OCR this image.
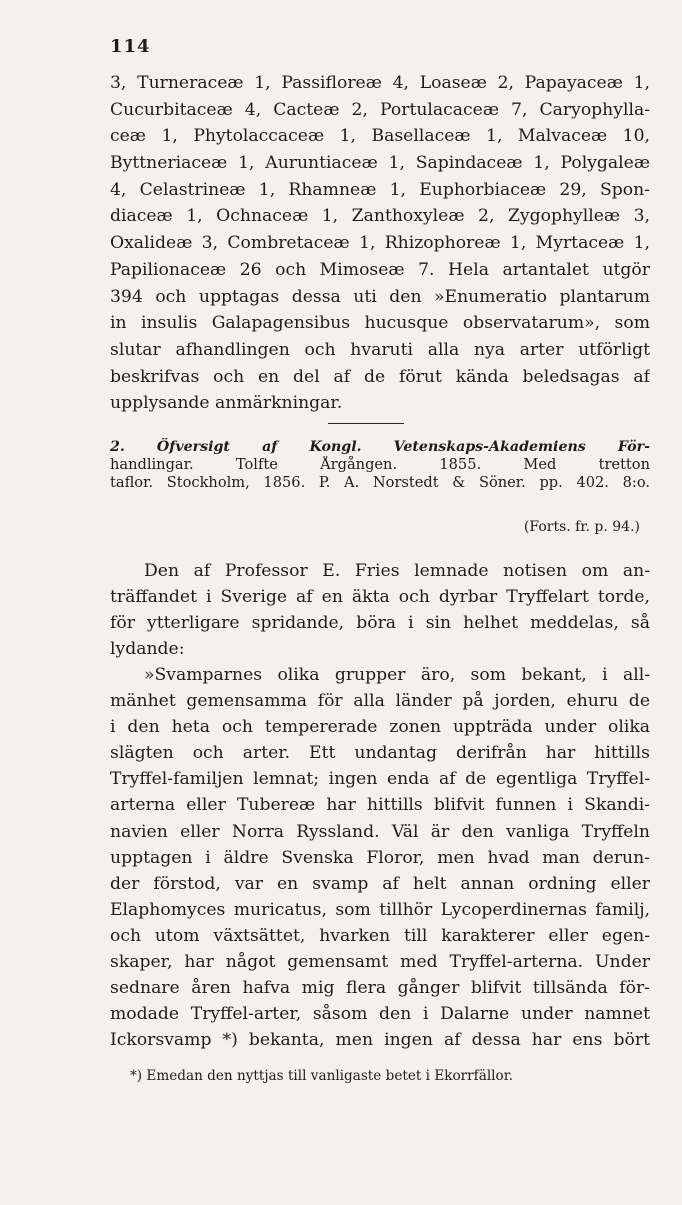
114
3, Turneraceæ 1, Passifloreæ 4, Loaseæ 2, Papayaceæ 1,
Cucurbitaceæ 4, Cacteæ 2, Portulacaceæ 7, Caryophylla-
ceæ 1, Phytolaccaceæ 1, Basellaceæ 1, Malvaceæ 10,
Byttneriaceæ 1, Auruntiaceæ 1, Sapindaceæ 1, Polygaleæ
4, Celastrineæ 1, Rhamneæ 1, Euphorbiaceæ 29, Spon-
diaceæ 1, Ochnaceæ 1, Zanthoxyleæ 2, Zygophylleæ 3,
Oxalideæ 3, Combretaceæ 1, Rhizophoreæ 1, Myrtaceæ 1,
Papilionaceæ 26 och Mimoseæ 7. Hela artantalet utgör
394 och upptagas dessa uti den »Enumeratio plantarum
in insulis Galapagensibus hucusque observatarum», som
slutar afhandlingen och hvaruti alla nya arter utförligt
beskrifvas och en del af de förut kända beledsagas af
upplysande anmärkningar.
2. Öfversigt af Kongl. Vetenskaps-Akademiens För-
handlingar. Tolfte Årgången. 1855. Med tretton
taflor. Stockholm, 1856. P. A. Norstedt & Söner. pp. 402. 8:o.
(Forts. fr. p. 94.)
Den af Professor E. Fries lemnade notisen om an-
träffandet i Sverige af en äkta och dyrbar Tryffelart torde,
för ytterligare spridande, böra i sin helhet meddelas, så
lydande:
»Svamparnes olika grupper äro, som bekant, i all-
mänhet gemensamma för alla länder på jorden, ehuru de
i den heta och tempererade zonen uppträda under olika
slägten och arter. Ett undantag derifrån har hittills
Tryffel-familjen lemnat; ingen enda af de egentliga Tryffel-
arterna eller Tubereæ har hittills blifvit funnen i Skandi-
navien eller Norra Ryssland. Väl är den vanliga Tryffeln
upptagen i äldre Svenska Floror, men hvad man derun-
der förstod, var en svamp af helt annan ordning eller
Elaphomyces muricatus, som tillhör Lycoperdinernas familj,
och utom växtsättet, hvarken till karakterer eller egen-
skaper, har något gemensamt med Tryffel-arterna. Under
sednare åren hafva mig flera gånger blifvit tillsända för-
modade Tryffel-arter, såsom den i Dalarne under namnet
Ickorsvamp *) bekanta, men ingen af dessa har ens bört
*) Emedan den nyttjas till vanligaste betet i Ekorrfällor.
